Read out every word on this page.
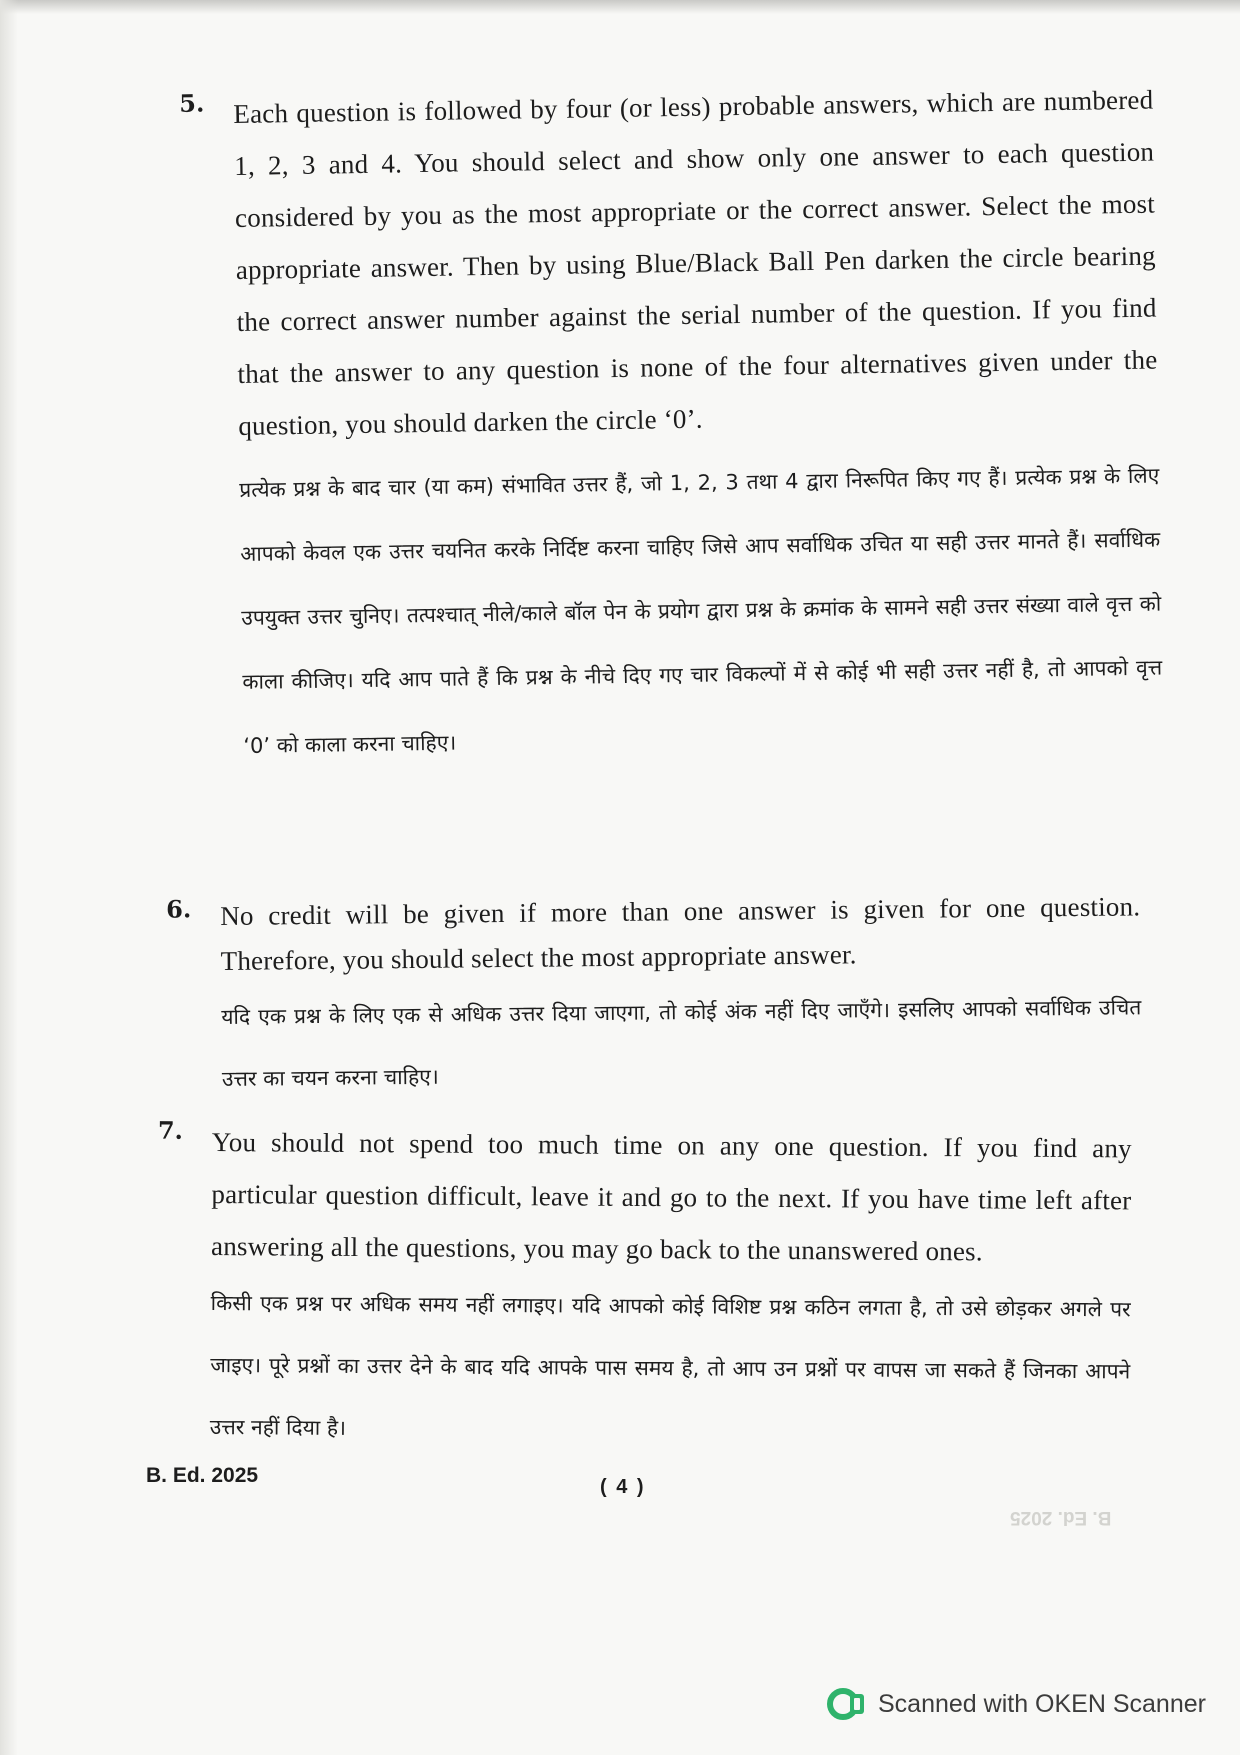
5. Each question is followed by four (or less) probable answers, which are numbered 1, 2, 3 and 4. You should select and show only one answer to each question considered by you as the most appropriate or the correct answer. Select the most appropriate answer. Then by using Blue/Black Ball Pen darken the circle bearing the correct answer number against the serial number of the question. If you find that the answer to any question is none of the four alternatives given under the question, you should darken the circle ‘0’.

प्रत्येक प्रश्न के बाद चार (या कम) संभावित उत्तर हैं, जो 1, 2, 3 तथा 4 द्वारा निरूपित किए गए हैं। प्रत्येक प्रश्न के लिए आपको केवल एक उत्तर चयनित करके निर्दिष्ट करना चाहिए जिसे आप सर्वाधिक उचित या सही उत्तर मानते हैं। सर्वाधिक उपयुक्त उत्तर चुनिए। तत्पश्चात् नीले/काले बॉल पेन के प्रयोग द्वारा प्रश्न के क्रमांक के सामने सही उत्तर संख्या वाले वृत्त को काला कीजिए। यदि आप पाते हैं कि प्रश्न के नीचे दिए गए चार विकल्पों में से कोई भी सही उत्तर नहीं है, तो आपको वृत्त ‘0’ को काला करना चाहिए।

6. No credit will be given if more than one answer is given for one question. Therefore, you should select the most appropriate answer.

यदि एक प्रश्न के लिए एक से अधिक उत्तर दिया जाएगा, तो कोई अंक नहीं दिए जाएँगे। इसलिए आपको सर्वाधिक उचित उत्तर का चयन करना चाहिए।

7. You should not spend too much time on any one question. If you find any particular question difficult, leave it and go to the next. If you have time left after answering all the questions, you may go back to the unanswered ones.

किसी एक प्रश्न पर अधिक समय नहीं लगाइए। यदि आपको कोई विशिष्ट प्रश्न कठिन लगता है, तो उसे छोड़कर अगले पर जाइए। पूरे प्रश्नों का उत्तर देने के बाद यदि आपके पास समय है, तो आप उन प्रश्नों पर वापस जा सकते हैं जिनका आपने उत्तर नहीं दिया है।

B. Ed. 2025	( 4 )
B. Ed. 2025
Scanned with OKEN Scanner
